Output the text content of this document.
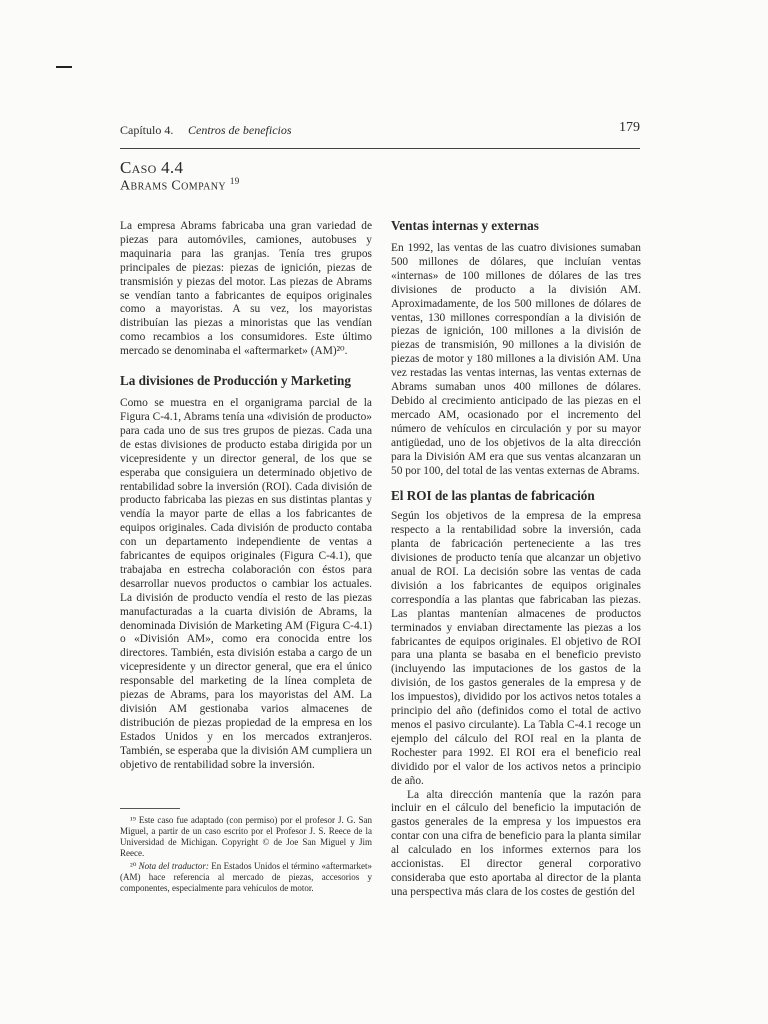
Capítulo 4. Centros de beneficios	179
Caso 4.4
Abrams Company $^{19}$

La empresa Abrams fabricaba una gran variedad de piezas para automóviles, camiones, autobuses y maquinaria para las granjas. Tenía tres grupos principales de piezas: piezas de ignición, piezas de transmisión y piezas del motor. Las piezas de Abrams se vendían tanto a fabricantes de equipos originales como a mayoristas. A su vez, los mayoristas distribuían las piezas a minoristas que las vendían como recambios a los consumidores. Este último mercado se denominaba el «aftermarket» (AM)²⁰.

La divisiones de Producción y Marketing

Como se muestra en el organigrama parcial de la Figura C-4.1, Abrams tenía una «división de producto» para cada uno de sus tres grupos de piezas. Cada una de estas divisiones de producto estaba dirigida por un vicepresidente y un director general, de los que se esperaba que consiguiera un determinado objetivo de rentabilidad sobre la inversión (ROI). Cada división de producto fabricaba las piezas en sus distintas plantas y vendía la mayor parte de ellas a los fabricantes de equipos originales. Cada división de producto contaba con un departamento independiente de ventas a fabricantes de equipos originales (Figura C-4.1), que trabajaba en estrecha colaboración con éstos para desarrollar nuevos productos o cambiar los actuales. La división de producto vendía el resto de las piezas manufacturadas a la cuarta división de Abrams, la denominada División de Marketing AM (Figura C-4.1) o «División AM», como era conocida entre los directores. También, esta división estaba a cargo de un vicepresidente y un director general, que era el único responsable del marketing de la línea completa de piezas de Abrams, para los mayoristas del AM. La división AM gestionaba varios almacenes de distribución de piezas propiedad de la empresa en los Estados Unidos y en los mercados extranjeros. También, se esperaba que la división AM cumpliera un objetivo de rentabilidad sobre la inversión.

¹⁹ Este caso fue adaptado (con permiso) por el profesor J. G. San Miguel, a partir de un caso escrito por el Profesor J. S. Reece de la Universidad de Michigan. Copyright © de Joe San Miguel y Jim Reece.

²⁰ Nota del traductor: En Estados Unidos el término «aftermarket» (AM) hace referencia al mercado de piezas, accesorios y componentes, especialmente para vehículos de motor.

Ventas internas y externas

En 1992, las ventas de las cuatro divisiones sumaban 500 millones de dólares, que incluían ventas «internas» de 100 millones de dólares de las tres divisiones de producto a la división AM. Aproximadamente, de los 500 millones de dólares de ventas, 130 millones correspondían a la división de piezas de ignición, 100 millones a la división de piezas de transmisión, 90 millones a la división de piezas de motor y 180 millones a la división AM. Una vez restadas las ventas internas, las ventas externas de Abrams sumaban unos 400 millones de dólares. Debido al crecimiento anticipado de las piezas en el mercado AM, ocasionado por el incremento del número de vehículos en circulación y por su mayor antigüedad, uno de los objetivos de la alta dirección para la División AM era que sus ventas alcanzaran un 50 por 100, del total de las ventas externas de Abrams.

El ROI de las plantas de fabricación

Según los objetivos de la empresa de la empresa respecto a la rentabilidad sobre la inversión, cada planta de fabricación perteneciente a las tres divisiones de producto tenía que alcanzar un objetivo anual de ROI. La decisión sobre las ventas de cada división a los fabricantes de equipos originales correspondía a las plantas que fabricaban las piezas. Las plantas mantenían almacenes de productos terminados y enviaban directamente las piezas a los fabricantes de equipos originales. El objetivo de ROI para una planta se basaba en el beneficio previsto (incluyendo las imputaciones de los gastos de la división, de los gastos generales de la empresa y de los impuestos), dividido por los activos netos totales a principio del año (definidos como el total de activo menos el pasivo circulante). La Tabla C-4.1 recoge un ejemplo del cálculo del ROI real en la planta de Rochester para 1992. El ROI era el beneficio real dividido por el valor de los activos netos a principio de año.

La alta dirección mantenía que la razón para incluir en el cálculo del beneficio la imputación de gastos generales de la empresa y los impuestos era contar con una cifra de beneficio para la planta similar al calculado en los informes externos para los accionistas. El director general corporativo consideraba que esto aportaba al director de la planta una perspectiva más clara de los costes de gestión del
